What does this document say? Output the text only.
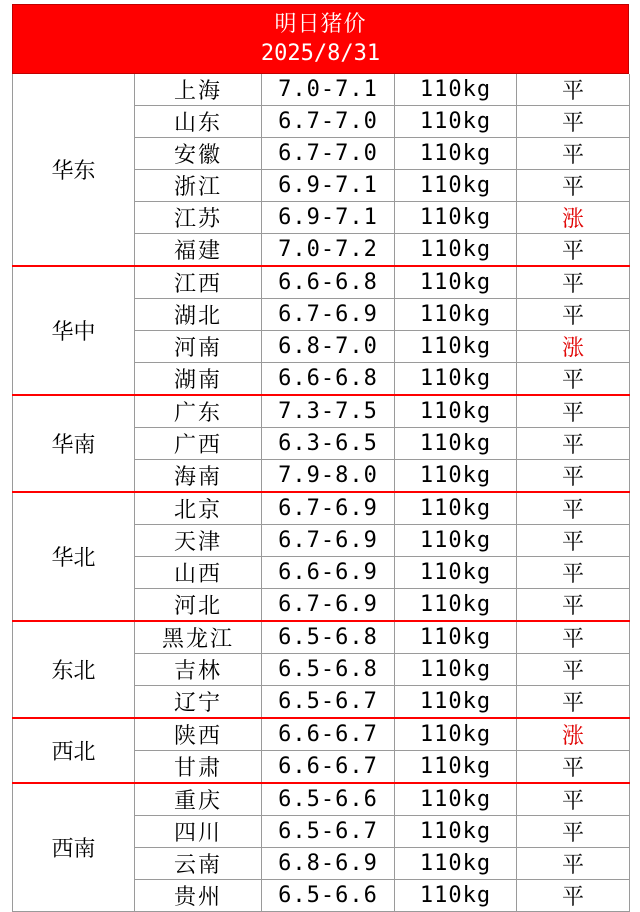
明日猪价
2025/8/31
华东	上海	7.0-7.1	110kg	平
	山东	6.7-7.0	110kg	平
	安徽	6.7-7.0	110kg	平
	浙江	6.9-7.1	110kg	平
	江苏	6.9-7.1	110kg	涨
	福建	7.0-7.2	110kg	平
华中	江西	6.6-6.8	110kg	平
	湖北	6.7-6.9	110kg	平
	河南	6.8-7.0	110kg	涨
	湖南	6.6-6.8	110kg	平
华南	广东	7.3-7.5	110kg	平
	广西	6.3-6.5	110kg	平
	海南	7.9-8.0	110kg	平
华北	北京	6.7-6.9	110kg	平
	天津	6.7-6.9	110kg	平
	山西	6.6-6.9	110kg	平
	河北	6.7-6.9	110kg	平
东北	黑龙江	6.5-6.8	110kg	平
	吉林	6.5-6.8	110kg	平
	辽宁	6.5-6.7	110kg	平
西北	陕西	6.6-6.7	110kg	涨
	甘肃	6.6-6.7	110kg	平
西南	重庆	6.5-6.6	110kg	平
	四川	6.5-6.7	110kg	平
	云南	6.8-6.9	110kg	平
	贵州	6.5-6.6	110kg	平
